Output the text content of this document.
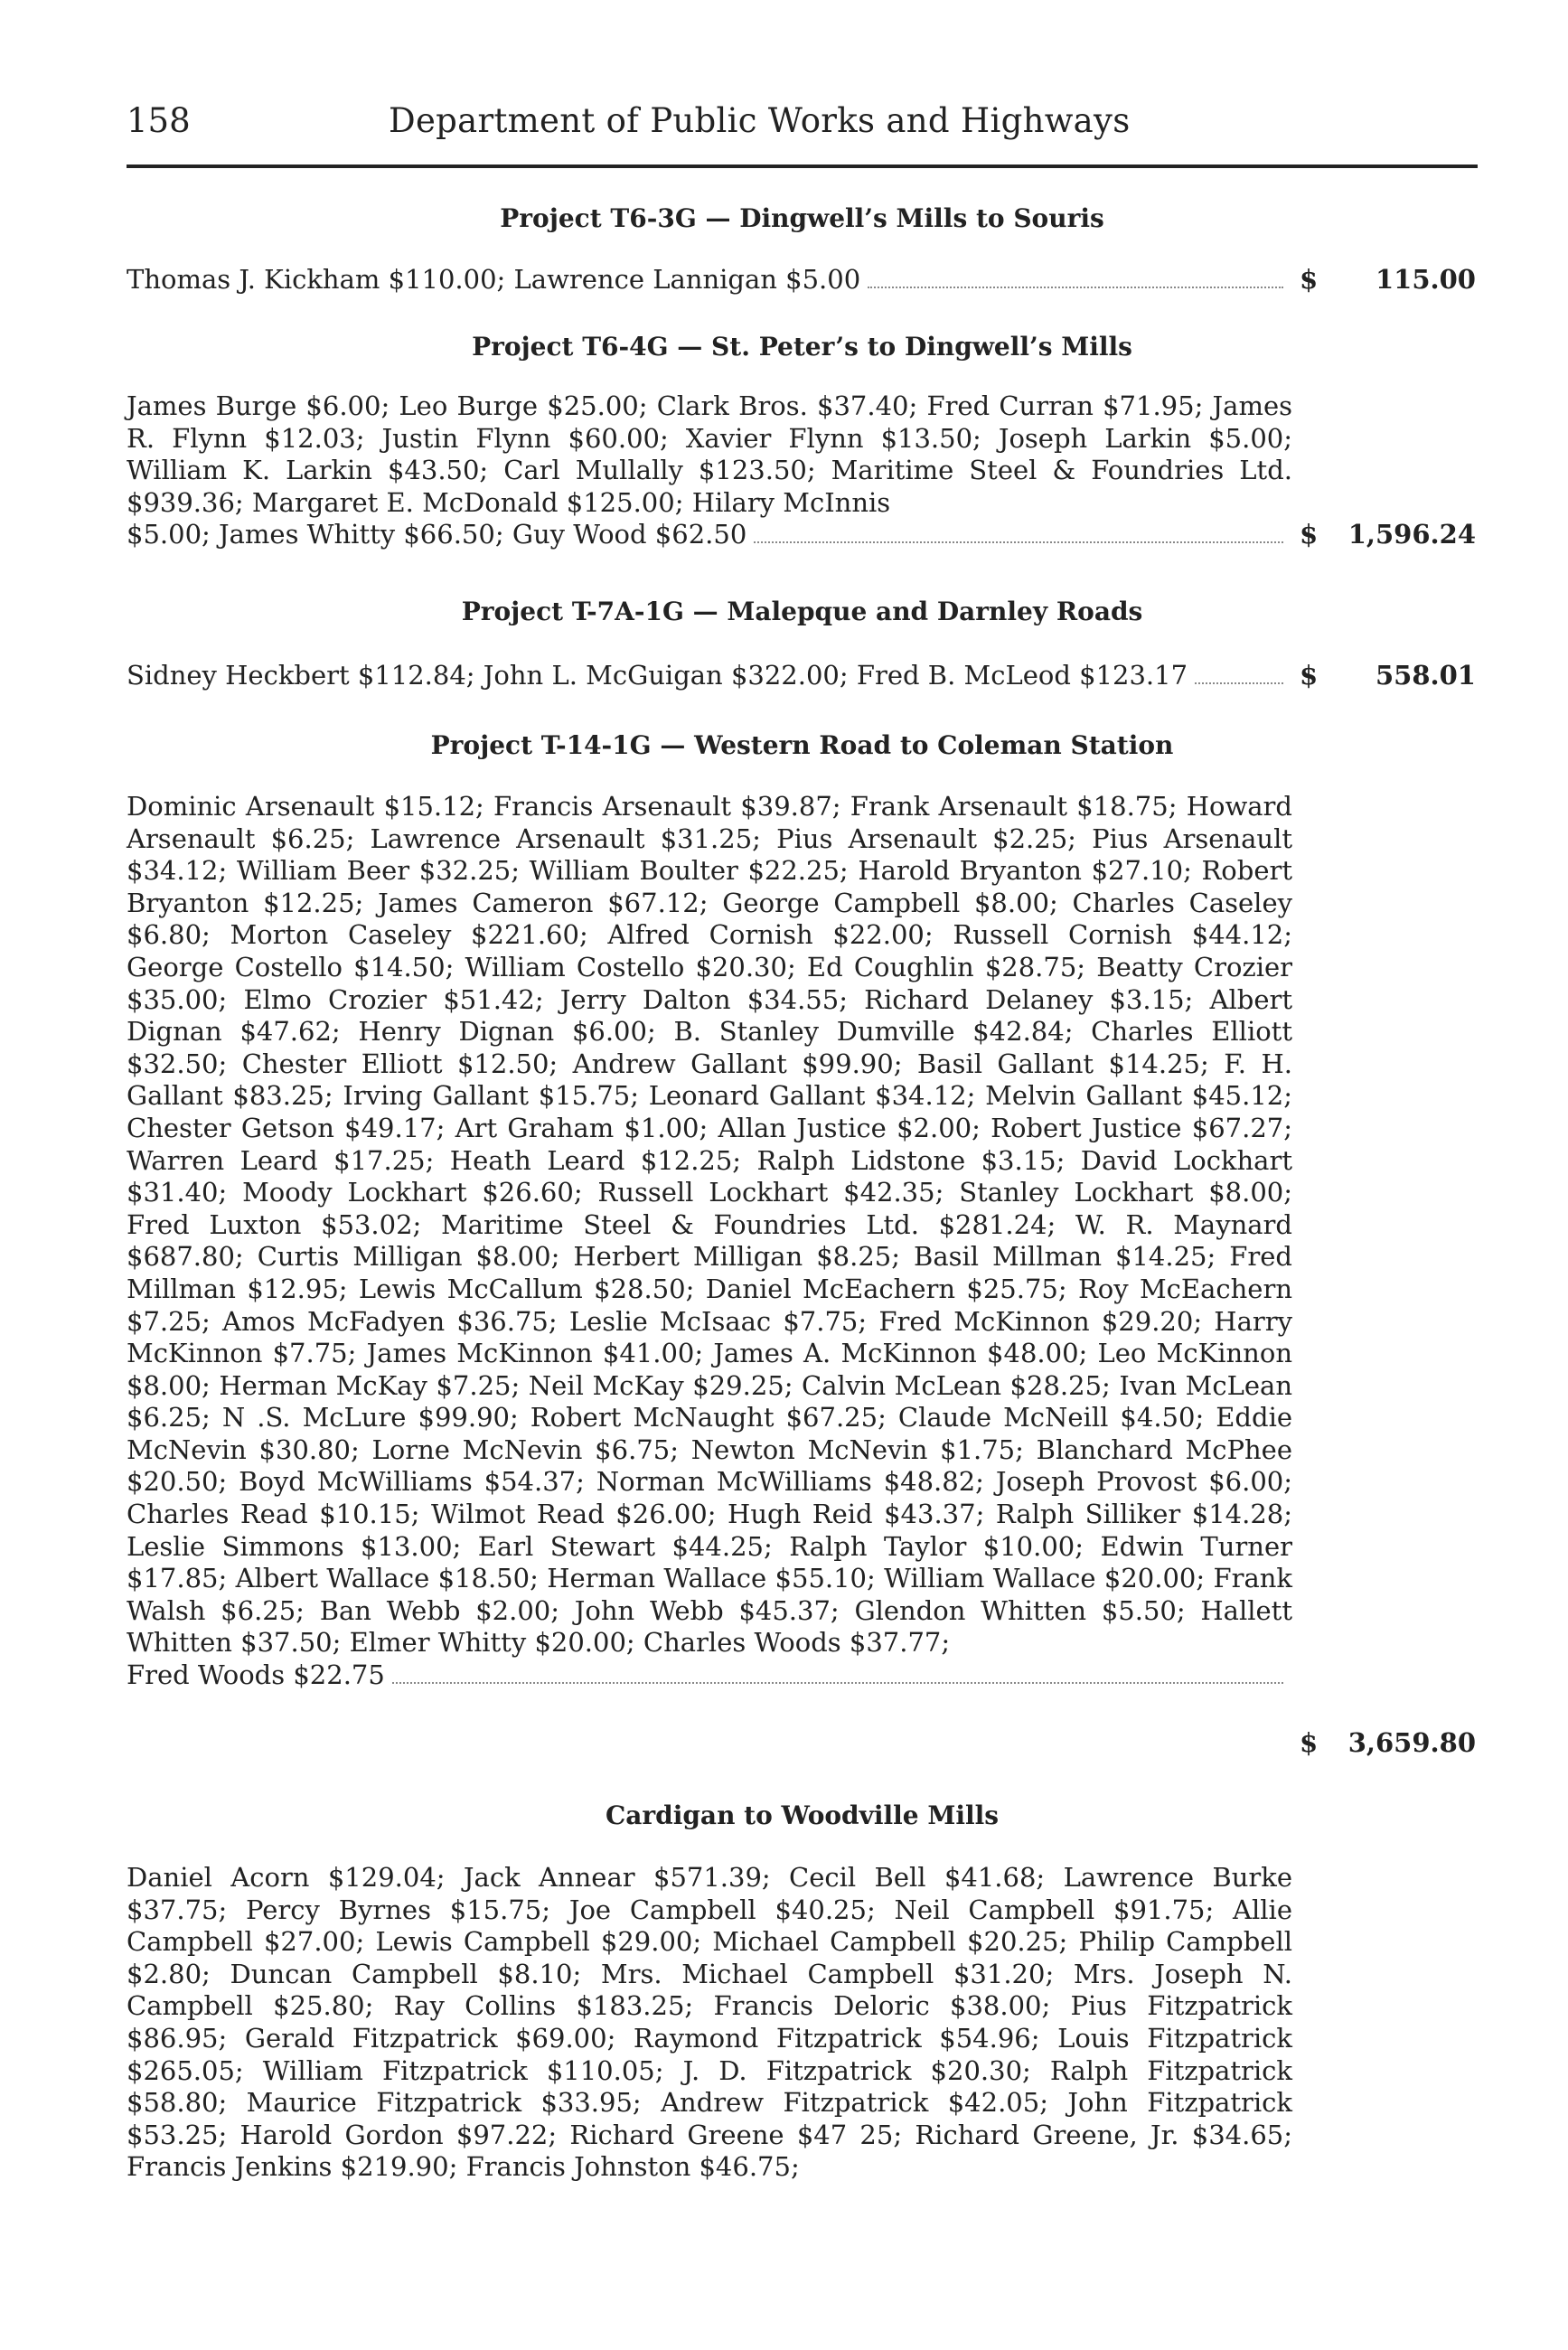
158	Department of Public Works and Highways
Project T6-3G — Dingwell’s Mills to Souris
Thomas J. Kickham $110.00; Lawrence Lannigan $5.00	$ 115.00
Project T6-4G — St. Peter’s to Dingwell’s Mills
James Burge $6.00; Leo Burge $25.00; Clark Bros. $37.40; Fred Curran $71.95; James R. Flynn $12.03; Justin Flynn $60.00; Xavier Flynn $13.50; Joseph Larkin $5.00; William K. Larkin $43.50; Carl Mullally $123.50; Maritime Steel & Foundries Ltd. $939.36; Margaret E. McDonald $125.00; Hilary McInnis
$5.00; James Whitty $66.50; Guy Wood $62.50	$ 1,596.24
Project T-7A-1G — Malepque and Darnley Roads
Sidney Heckbert $112.84; John L. McGuigan $322.00; Fred B. McLeod $123.17	$ 558.01
Project T-14-1G — Western Road to Coleman Station
Dominic Arsenault $15.12; Francis Arsenault $39.87; Frank Arsenault $18.75; Howard Arsenault $6.25; Lawrence Arsenault $31.25; Pius Arsenault $2.25; Pius Arsenault $34.12; William Beer $32.25; William Boulter $22.25; Harold Bryanton $27.10; Robert Bryanton $12.25; James Cameron $67.12; George Campbell $8.00; Charles Caseley $6.80; Morton Caseley $221.60; Alfred Cornish $22.00; Russell Cornish $44.12; George Costello $14.50; William Costello $20.30; Ed Coughlin $28.75; Beatty Crozier $35.00; Elmo Crozier $51.42; Jerry Dalton $34.55; Richard Delaney $3.15; Albert Dignan $47.62; Henry Dignan $6.00; B. Stanley Dumville $42.84; Charles Elliott $32.50; Chester Elliott $12.50; Andrew Gallant $99.90; Basil Gallant $14.25; F. H. Gallant $83.25; Irving Gallant $15.75; Leonard Gallant $34.12; Melvin Gallant $45.12; Chester Getson $49.17; Art Graham $1.00; Allan Justice $2.00; Robert Justice $67.27; Warren Leard $17.25; Heath Leard $12.25; Ralph Lidstone $3.15; David Lockhart $31.40; Moody Lockhart $26.60; Russell Lockhart $42.35; Stanley Lockhart $8.00; Fred Luxton $53.02; Maritime Steel & Foundries Ltd. $281.24; W. R. Maynard $687.80; Curtis Milligan $8.00; Herbert Milligan $8.25; Basil Millman $14.25; Fred Millman $12.95; Lewis McCallum $28.50; Daniel McEachern $25.75; Roy McEachern $7.25; Amos McFadyen $36.75; Leslie McIsaac $7.75; Fred McKinnon $29.20; Harry McKinnon $7.75; James McKinnon $41.00; James A. McKinnon $48.00; Leo McKinnon $8.00; Herman McKay $7.25; Neil McKay $29.25; Calvin McLean $28.25; Ivan McLean $6.25; N .S. McLure $99.90; Robert McNaught $67.25; Claude McNeill $4.50; Eddie McNevin $30.80; Lorne McNevin $6.75; Newton McNevin $1.75; Blanchard McPhee $20.50; Boyd McWilliams $54.37; Norman McWilliams $48.82; Joseph Provost $6.00; Charles Read $10.15; Wilmot Read $26.00; Hugh Reid $43.37; Ralph Silliker $14.28; Leslie Simmons $13.00; Earl Stewart $44.25; Ralph Taylor $10.00; Edwin Turner $17.85; Albert Wallace $18.50; Herman Wallace $55.10; William Wallace $20.00; Frank Walsh $6.25; Ban Webb $2.00; John Webb $45.37; Glendon Whitten $5.50; Hallett Whitten $37.50; Elmer Whitty $20.00; Charles Woods $37.77;
Fred Woods $22.75
$ 3,659.80
Cardigan to Woodville Mills
Daniel Acorn $129.04; Jack Annear $571.39; Cecil Bell $41.68; Lawrence Burke $37.75; Percy Byrnes $15.75; Joe Campbell $40.25; Neil Campbell $91.75; Allie Campbell $27.00; Lewis Campbell $29.00; Michael Campbell $20.25; Philip Campbell $2.80; Duncan Campbell $8.10; Mrs. Michael Campbell $31.20; Mrs. Joseph N. Campbell $25.80; Ray Collins $183.25; Francis Deloric $38.00; Pius Fitzpatrick $86.95; Gerald Fitzpatrick $69.00; Raymond Fitzpatrick $54.96; Louis Fitzpatrick $265.05; William Fitzpatrick $110.05; J. D. Fitzpatrick $20.30; Ralph Fitzpatrick $58.80; Maurice Fitzpatrick $33.95; Andrew Fitzpatrick $42.05; John Fitzpatrick $53.25; Harold Gordon $97.22; Richard Greene $47 25; Richard Greene, Jr. $34.65; Francis Jenkins $219.90; Francis Johnston $46.75;
